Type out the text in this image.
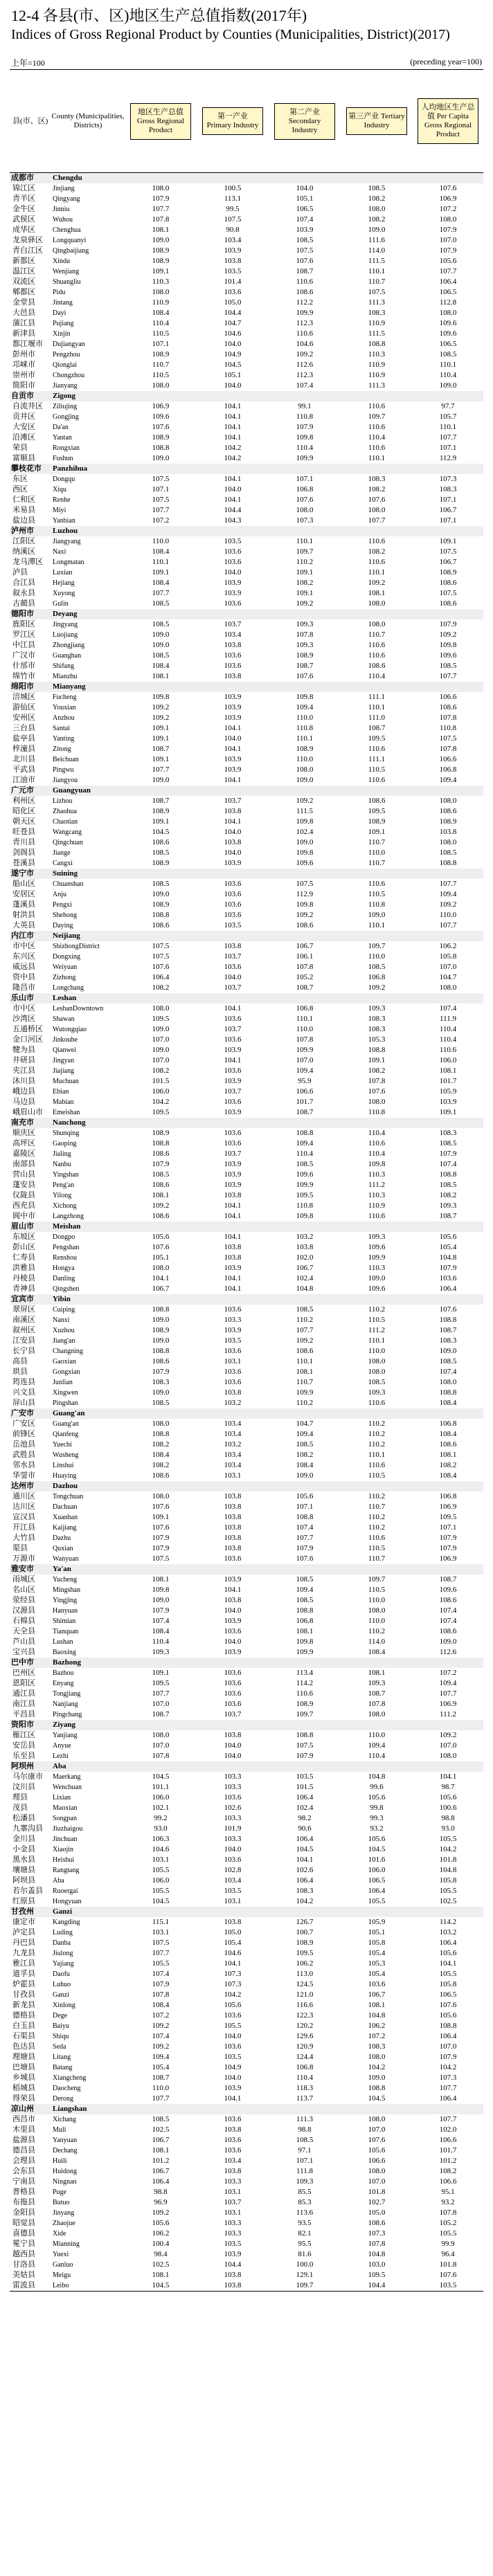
12-4 各县(市、区)地区生产总值指数(2017年)
Indices of Gross Regional Product by Counties (Municipalities, District)(2017)
上年=100	(preceding year=100)
县(市、区)	County (Municipalities, Districts)	地区生产总值 Gross Regional Product	第一产业 Primary Industry	第二产业 Secondary Industry	第三产业 Tertiary Industry	人均地区生产总值 Per Capita Gross Regional Product

成都市	Chengdu					
锦江区	Jinjiang	108.0	100.5	104.0	108.5	107.6
青羊区	Qingyang	107.9	113.1	105.1	108.2	106.9
金牛区	Jinniu	107.7	99.5	106.5	108.0	107.2
武侯区	Wuhou	107.8	107.5	107.4	108.2	108.0
成华区	Chenghua	108.1	90.8	103.9	109.0	107.9
龙泉驿区	Longquanyi	109.0	103.4	108.5	111.6	107.0
青白江区	Qingbaijiang	108.9	103.9	107.5	114.0	107.9
新都区	Xindu	108.9	103.8	107.6	111.5	105.6
温江区	Wenjiang	109.1	103.5	108.7	110.1	107.7
双流区	Shuangliu	110.3	101.4	110.6	110.7	106.4
郫都区	Pidu	108.0	103.6	108.6	107.5	106.5
金堂县	Jintang	110.9	105.0	112.2	111.3	112.8
大邑县	Dayi	108.4	104.4	109.9	108.3	108.0
蒲江县	Pujiang	110.4	104.7	112.3	110.9	109.6
新津县	Xinjin	110.5	104.6	110.6	111.5	109.6
都江堰市	Dujiangyan	107.1	104.0	104.6	108.8	106.5
彭州市	Pengzhou	108.9	104.9	109.2	110.3	108.5
邛崃市	Qionglai	110.7	104.5	112.6	110.9	110.1
崇州市	Chongzhou	110.5	105.1	112.3	110.9	110.4
简阳市	Jianyang	108.0	104.0	107.4	111.3	109.0
自贡市	Zigong					
自流井区	Ziliujing	106.9	104.1	99.1	110.6	97.7
贡井区	Gongjing	109.6	104.1	110.8	109.7	105.7
大安区	Da'an	107.6	104.1	107.9	110.6	110.1
沿滩区	Yantan	108.9	104.1	109.8	110.4	107.7
荣县	Rongxian	108.8	104.2	110.4	110.6	107.1
富顺县	Fushun	109.0	104.2	109.9	110.1	112.9
攀枝花市	Panzhihua					
东区	Dongqu	107.5	104.1	107.1	108.3	107.3
西区	Xiqu	107.1	104.0	106.8	108.2	108.3
仁和区	Renhe	107.5	104.1	107.6	107.6	107.1
米易县	Miyi	107.7	104.4	108.0	108.0	106.7
盐边县	Yanbian	107.2	104.3	107.3	107.7	107.1
泸州市	Luzhou					
江阳区	Jiangyang	110.0	103.5	110.1	110.6	109.1
纳溪区	Naxi	108.4	103.6	109.7	108.2	107.5
龙马潭区	Longmatan	110.1	103.6	110.2	110.6	106.7
泸县	Luxian	109.1	104.0	109.1	110.1	108.9
合江县	Hejiang	108.4	103.9	108.2	109.2	108.6
叙永县	Xuyong	107.7	103.9	109.1	108.1	107.5
古蔺县	Gulin	108.5	103.6	109.2	108.0	108.6
德阳市	Deyang					
旌阳区	Jingyang	108.5	103.7	109.3	108.0	107.9
罗江区	Luojiang	109.0	103.4	107.8	110.7	109.2
中江县	Zhongjiang	109.0	103.8	109.3	110.6	109.8
广汉市	Guanghan	108.5	103.6	108.9	110.6	109.6
什邡市	Shifang	108.4	103.6	108.7	108.6	108.5
绵竹市	Mianzhu	108.1	103.8	107.6	110.4	107.7
绵阳市	Mianyang					
涪城区	Fucheng	109.8	103.9	109.8	111.1	106.6
游仙区	Youxian	109.2	103.9	109.4	110.1	108.6
安州区	Anzhou	109.2	103.9	110.0	111.0	107.8
三台县	Santai	109.1	104.1	110.8	108.7	110.8
盐亭县	Yanting	109.1	104.0	110.1	109.5	107.5
梓潼县	Zitong	108.7	104.1	108.9	110.6	107.8
北川县	Beichuan	109.1	103.9	110.0	111.1	106.6
平武县	Pingwu	107.7	103.9	108.0	110.5	106.8
江油市	Jiangyou	109.0	104.1	109.0	110.6	109.4
广元市	Guangyuan					
利州区	Lizhou	108.7	103.7	109.2	108.6	108.0
昭化区	Zhaohua	108.9	103.8	111.5	109.5	108.6
朝天区	Chaotian	109.1	104.1	109.8	108.9	108.9
旺苍县	Wangcang	104.5	104.0	102.4	109.1	103.8
青川县	Qingchuan	108.6	103.8	109.0	110.7	108.0
剑阁县	Jiange	108.5	104.0	109.8	110.0	108.5
苍溪县	Cangxi	108.9	103.9	109.6	110.7	108.8
遂宁市	Suining					
船山区	Chuanshan	108.5	103.6	107.5	110.6	107.7
安居区	Anju	109.0	103.6	112.9	110.5	109.4
蓬溪县	Pengxi	108.9	103.6	109.8	110.8	109.2
射洪县	Shehong	108.8	103.6	109.2	109.0	110.0
大英县	Daying	108.6	103.5	108.6	110.1	107.7
内江市	Neijiang					
市中区	ShizhongDistrict	107.5	103.8	106.7	109.7	106.2
东兴区	Dongxing	107.5	103.7	106.1	110.0	105.8
威远县	Weiyuan	107.6	103.6	107.8	108.5	107.0
资中县	Zizhong	106.4	104.0	105.2	106.8	104.7
隆昌市	Longchang	108.2	103.7	108.7	109.2	108.0
乐山市	Leshan					
市中区	LeshanDowntown	108.0	104.1	106.8	109.3	107.4
沙湾区	Shawan	109.5	103.6	110.1	108.3	111.9
五通桥区	Wutongqiao	109.0	103.7	110.0	108.3	110.4
金口河区	Jinkouhe	107.0	103.6	107.8	105.3	110.4
犍为县	Qianwei	109.0	103.9	109.9	108.8	110.6
井研县	Jingyan	107.0	104.1	107.0	109.1	106.0
夹江县	Jiajiang	108.2	103.6	109.4	108.2	108.1
沐川县	Muchuan	101.5	103.9	95.9	107.8	101.7
峨边县	Ebian	106.0	103.7	106.6	107.6	105.9
马边县	Mabian	104.2	103.6	101.7	108.0	103.9
峨眉山市	Emeishan	109.5	103.9	108.7	110.8	109.1
南充市	Nanchong					
顺庆区	Shunqing	108.9	103.6	108.8	110.4	108.3
高坪区	Gaoping	108.8	103.6	109.4	110.6	108.5
嘉陵区	Jialing	108.6	103.7	110.4	110.4	107.9
南部县	Nanbu	107.9	103.9	108.5	109.8	107.4
营山县	Yingshan	108.5	103.9	109.6	110.3	108.8
蓬安县	Peng'an	108.6	103.9	109.9	111.2	108.5
仪陇县	Yilong	108.1	103.8	109.5	110.3	108.2
西充县	Xichong	109.2	104.1	110.8	110.9	109.3
阆中市	Langzhong	108.6	104.1	109.8	110.6	108.7
眉山市	Meishan					
东坡区	Dongpo	105.6	104.1	103.2	109.3	105.6
彭山区	Pengshan	107.6	103.8	103.8	109.6	105.4
仁寿县	Renshou	105.1	103.8	102.0	109.9	104.8
洪雅县	Hongya	108.0	103.9	106.7	110.3	107.9
丹棱县	Danling	104.1	104.1	102.4	109.0	103.6
青神县	Qingshen	106.7	104.1	104.8	109.6	106.4
宜宾市	Yibin					
翠屏区	Cuiping	108.8	103.6	108.5	110.2	107.6
南溪区	Nanxi	109.0	103.3	110.2	110.5	108.8
叙州区	Xuzhou	108.9	103.9	107.7	111.2	108.7
江安县	Jiang'an	109.0	103.5	109.2	110.1	108.3
长宁县	Changning	108.8	103.6	108.6	110.0	109.0
高县	Gaoxian	108.6	103.1	110.1	108.0	108.5
珙县	Gongxian	107.9	103.6	108.1	108.0	107.4
筠连县	Junlian	108.3	103.6	110.7	108.5	108.0
兴文县	Xingwen	109.0	103.8	109.9	109.3	108.8
屏山县	Pingshan	108.5	103.2	110.2	110.6	108.4
广安市	Guang'an					
广安区	Guang'an	108.0	103.4	104.7	110.2	106.8
前锋区	Qianfeng	108.8	103.4	109.4	110.2	108.4
岳池县	Yuechi	108.2	103.2	108.5	110.2	108.6
武胜县	Wusheng	108.4	103.4	108.2	110.1	108.1
邻水县	Linshui	108.2	103.4	108.4	110.6	108.2
华蓥市	Huaying	108.6	103.1	109.0	110.5	108.4
达州市	Dazhou					
通川区	Tongchuan	108.0	103.8	105.6	110.2	106.8
达川区	Dachuan	107.6	103.8	107.1	110.7	106.9
宣汉县	Xuanhan	109.1	103.8	108.8	110.2	109.5
开江县	Kaijiang	107.6	103.8	107.4	110.2	107.1
大竹县	Dazhu	107.9	103.8	107.7	110.6	107.9
渠县	Quxian	107.9	103.8	107.9	110.5	107.9
万源市	Wanyuan	107.5	103.6	107.6	110.7	106.9
雅安市	Ya'an					
雨城区	Yucheng	108.1	103.9	108.5	109.7	108.7
名山区	Mingshan	109.8	104.1	109.4	110.5	109.6
荥经县	Yingjing	109.0	103.8	108.5	110.0	108.6
汉源县	Hanyuan	107.9	104.0	108.8	108.0	107.4
石棉县	Shimian	107.4	103.9	106.8	110.0	107.4
天全县	Tianquan	108.4	103.6	108.1	110.2	108.6
芦山县	Lushan	110.4	104.0	109.8	114.0	109.0
宝兴县	Baoxing	109.3	103.9	109.9	108.4	112.6
巴中市	Bazhong					
巴州区	Bazhou	109.1	103.6	113.4	108.1	107.2
恩阳区	Enyang	109.5	103.6	114.2	109.3	109.4
通江县	Tongjiang	107.7	103.6	110.6	108.7	107.7
南江县	Nanjiang	107.0	103.6	108.9	107.8	106.9
平昌县	Pingchang	108.7	103.7	109.7	108.0	111.2
资阳市	Ziyang					
雁江区	Yanjiang	108.0	103.8	108.8	110.0	109.2
安岳县	Anyue	107.0	104.0	107.5	109.4	107.0
乐至县	Lezhi	107.8	104.0	107.9	110.4	108.0
阿坝州	Aba					
马尔康市	Maerkang	104.5	103.3	103.5	104.8	104.1
汶川县	Wenchuan	101.1	103.3	101.5	99.6	98.7
理县	Lixian	106.0	103.6	106.4	105.6	105.6
茂县	Maoxian	102.1	102.6	102.4	99.8	100.6
松潘县	Songpan	99.2	103.3	98.2	99.3	98.8
九寨沟县	Jiuzhaigou	93.0	101.9	90.6	93.2	93.0
金川县	Jinchuan	106.3	103.3	106.4	105.6	105.5
小金县	Xiaojin	104.6	104.0	104.5	104.5	104.2
黑水县	Heishui	103.1	103.6	104.1	101.6	101.8
壤塘县	Rangtang	105.5	102.8	102.6	106.0	104.8
阿坝县	Aba	106.0	103.4	106.4	106.5	105.8
若尔盖县	Ruoergai	105.5	103.5	108.3	106.4	105.5
红原县	Hongyuan	104.5	103.1	104.2	105.5	102.5
甘孜州	Ganzi					
康定市	Kangding	115.1	103.8	126.7	105.9	114.2
泸定县	Luding	103.1	105.0	100.7	105.1	103.2
丹巴县	Danba	107.5	105.4	108.9	105.8	106.4
九龙县	Jiulong	107.7	104.6	109.5	105.4	105.6
雅江县	Yajiang	105.5	104.1	106.2	105.3	104.1
道孚县	Daofu	107.4	107.3	113.0	105.4	105.5
炉霍县	Luhuo	107.9	107.3	124.5	103.6	105.8
甘孜县	Ganzi	107.8	104.2	121.0	106.7	106.5
新龙县	Xinlong	108.4	105.6	116.6	108.1	107.6
德格县	Dege	107.2	103.6	122.3	104.8	105.6
白玉县	Baiyu	109.2	105.5	120.2	106.2	108.8
石渠县	Shiqu	107.4	104.0	129.6	107.2	106.4
色达县	Seda	109.2	103.6	120.9	108.3	107.0
理塘县	Litang	109.4	103.5	124.4	108.0	107.9
巴塘县	Batang	105.4	104.9	106.8	104.2	104.2
乡城县	Xiangcheng	108.7	104.0	110.4	109.0	107.3
稻城县	Daocheng	110.0	103.9	118.3	108.8	107.7
得荣县	Derong	107.7	104.1	113.7	104.5	106.4
凉山州	Liangshan					
西昌市	Xichang	108.5	103.6	111.3	108.0	107.7
木里县	Muli	102.5	103.8	98.8	107.0	102.0
盐源县	Yanyuan	106.7	103.6	108.5	107.6	106.6
德昌县	Dechang	108.1	103.6	97.1	105.6	101.7
会理县	Huili	101.2	103.4	107.1	106.6	101.2
会东县	Huidong	106.7	103.8	111.8	108.0	108.2
宁南县	Ningnan	106.4	103.3	109.3	107.0	106.6
普格县	Puge	98.8	103.1	85.5	101.8	95.1
布拖县	Butuo	96.9	103.7	85.3	102.7	93.2
金阳县	Jinyang	109.2	103.1	113.6	105.0	107.8
昭觉县	Zhaojue	105.6	103.3	93.5	108.6	105.2
喜德县	Xide	106.2	103.3	82.1	107.3	105.5
冕宁县	Mianning	100.4	103.5	95.5	107.8	99.9
越西县	Yuexi	98.4	103.9	81.6	104.8	96.4
甘洛县	Ganluo	102.5	104.4	100.0	103.0	101.8
美姑县	Meigu	108.1	103.8	129.1	109.5	107.6
雷波县	Leibo	104.5	103.8	109.7	104.4	103.5
